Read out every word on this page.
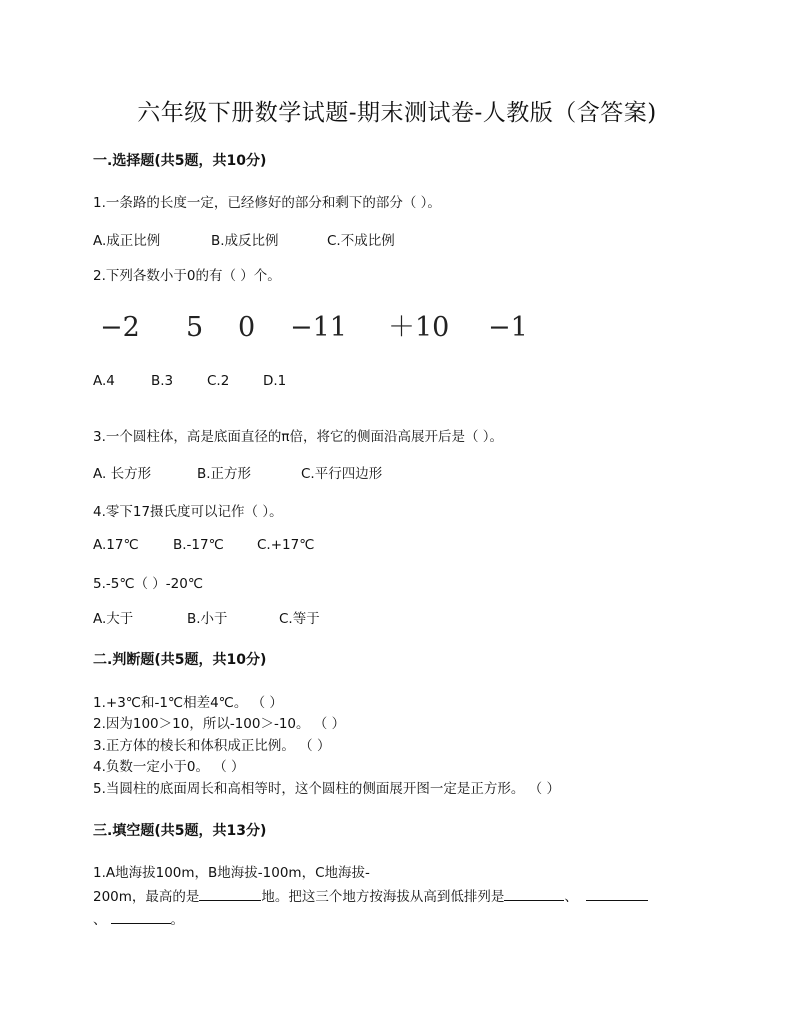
六年级下册数学试题-期末测试卷-人教版（含答案)
一.选择题(共5题，共10分)
1.一条路的长度一定，已经修好的部分和剩下的部分（ ）。
A.成正比例	B.成反比例	C.不成比例
2.下列各数小于0的有（ ）个。
−2 5 0 −11 ＋10 −1
A.4	B.3	C.2 D.1
3.一个圆柱体，高是底面直径的π倍，将它的侧面沿高展开后是（ ）。
A. 长方形	B.正方形	C.平行四边形
4.零下17摄氏度可以记作（ ）。
A.17℃	B.-17℃ C.+17℃
5.-5℃（ ）-20℃
A.大于	B.小于	C.等于
二.判断题(共5题，共10分)
1.+3℃和-1℃相差4℃。 （ ）
2.因为100＞10，所以-100＞-10。 （ ）
3.正方体的棱长和体积成正比例。 （ ）
4.负数一定小于0。 （ ）
5.当圆柱的底面周长和高相等时，这个圆柱的侧面展开图一定是正方形。 （ ）
三.填空题(共5题，共13分)
1.A地海拔100m，B地海拔-100m，C地海拔-
200m，最高的是	地。把这三个地方按海拔从高到低排列是	、
、	。
